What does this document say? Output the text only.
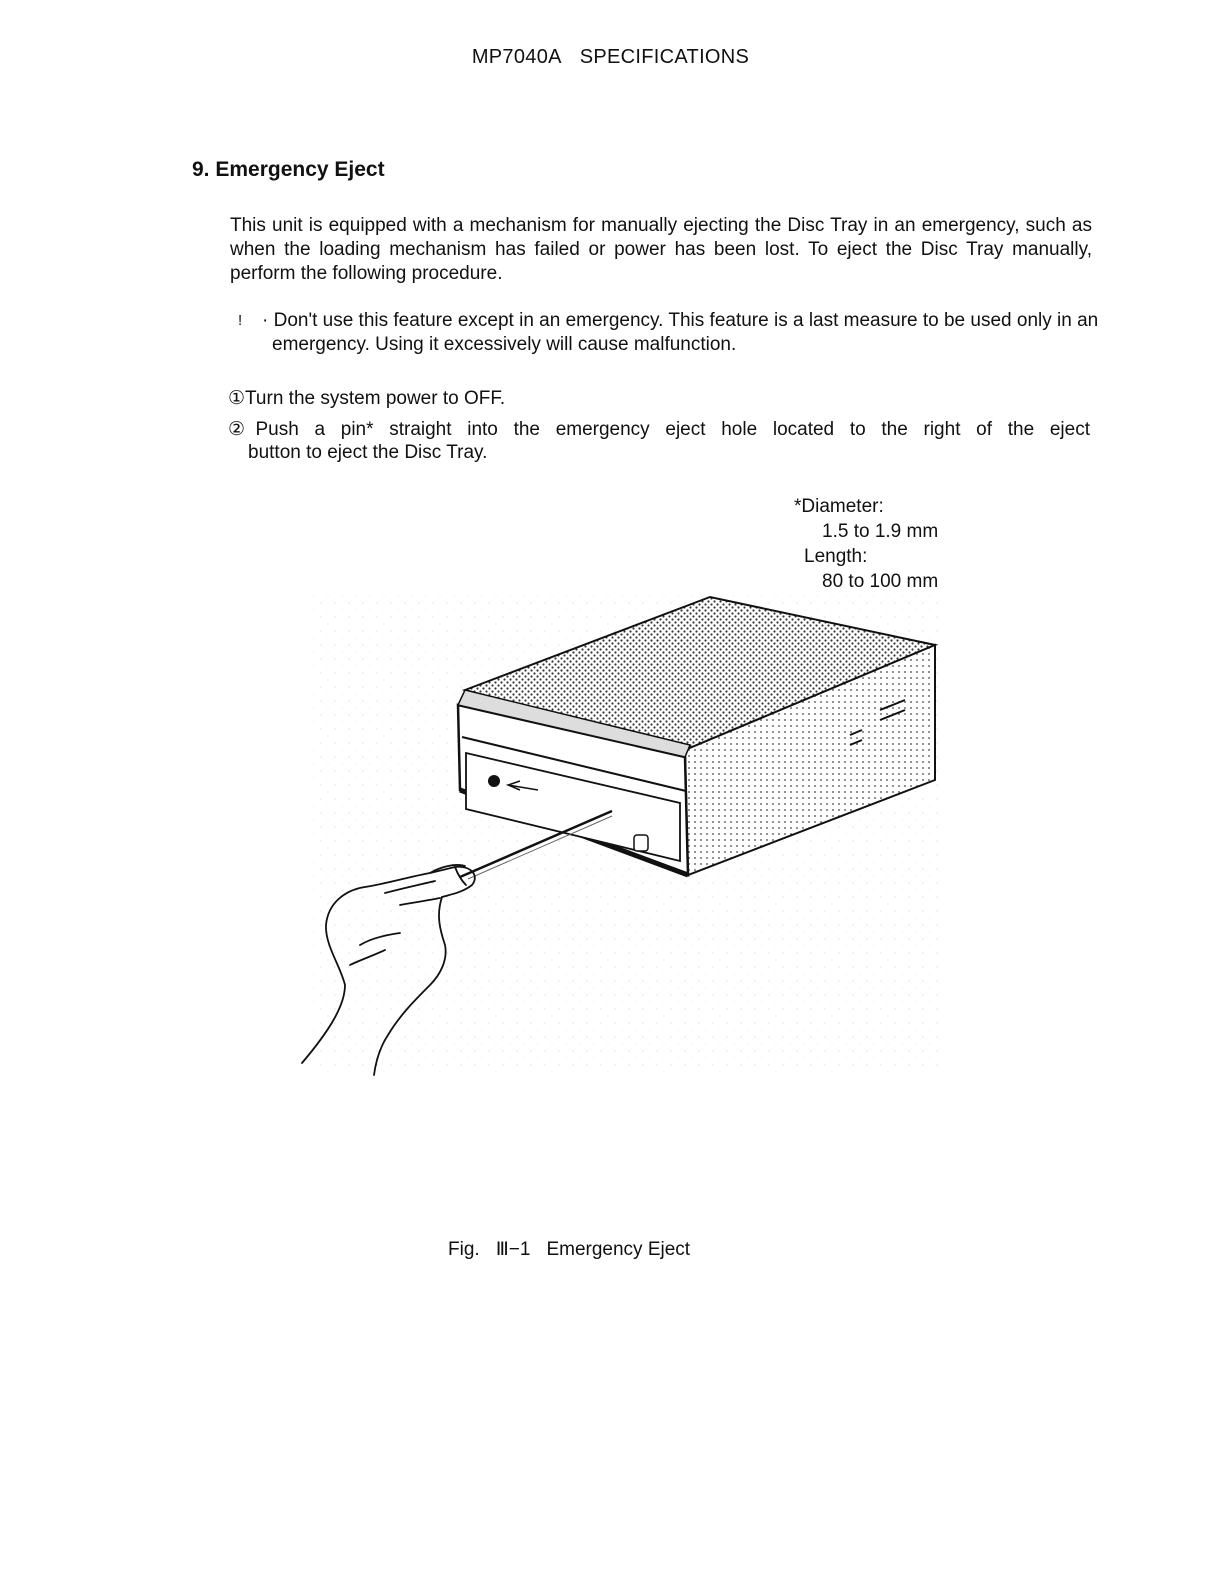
MP7040A SPECIFICATIONS
9. Emergency Eject

This unit is equipped with a mechanism for manually ejecting the Disc Tray in an emergency, such as when the loading mechanism has failed or power has been lost. To eject the Disc Tray manually, perform the following procedure.

! · Don't use this feature except in an emergency. This feature is a last measure to be used only in an emergency. Using it excessively will cause malfunction.

①Turn the system power to OFF.

②Push a pin* straight into the emergency eject hole located to the right of the eject
button to eject the Disc Tray.

*Diameter:
1.5 to 1.9 mm
Length:
80 to 100 mm
Fig. Ⅲ−1 Emergency Eject
